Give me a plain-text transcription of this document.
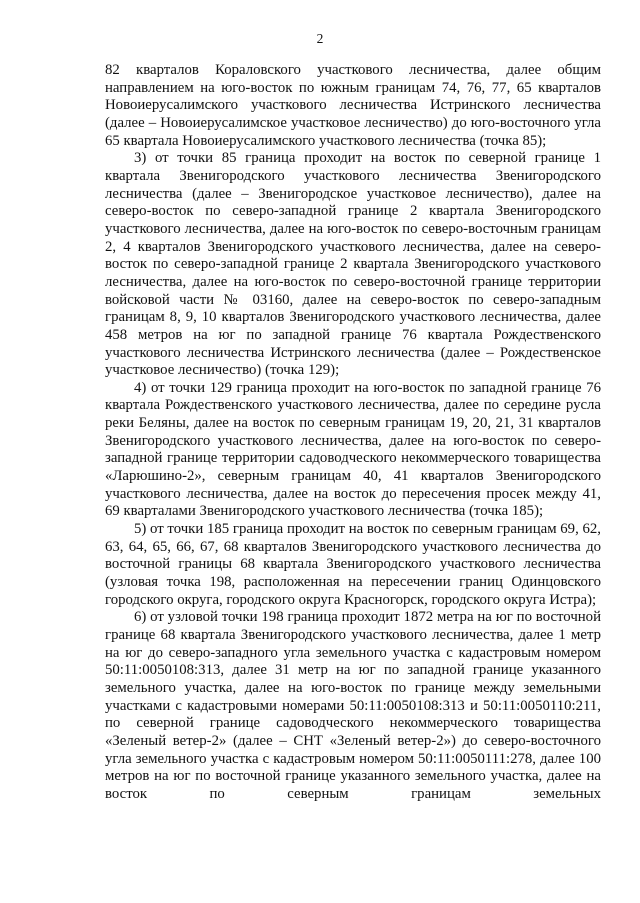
2

82 кварталов Кораловского участкового лесничества, далее общим направлением на юго-восток по южным границам 74, 76, 77, 65 кварталов Новоиерусалимского участкового лесничества Истринского лесничества (далее – Новоиерусалимское участковое лесничество) до юго-восточного угла 65 квартала Новоиерусалимского участкового лесничества (точка 85);

3) от точки 85 граница проходит на восток по северной границе 1 квартала Звенигородского участкового лесничества Звенигородского лесничества (далее – Звенигородское участковое лесничество), далее на северо-восток по северо-западной границе 2 квартала Звенигородского участкового лесничества, далее на юго-восток по северо-восточным границам 2, 4 кварталов Звенигородского участкового лесничества, далее на северо-восток по северо-западной границе 2 квартала Звенигородского участкового лесничества, далее на юго-восток по северо-восточной границе территории войсковой части № 03160, далее на северо-восток по северо-западным границам 8, 9, 10 кварталов Звенигородского участкового лесничества, далее 458 метров на юг по западной границе 76 квартала Рождественского участкового лесничества Истринского лесничества (далее – Рождественское участковое лесничество) (точка 129);

4) от точки 129 граница проходит на юго-восток по западной границе 76 квартала Рождественского участкового лесничества, далее по середине русла реки Беляны, далее на восток по северным границам 19, 20, 21, 31 кварталов Звенигородского участкового лесничества, далее на юго-восток по северо-западной границе территории садоводческого некоммерческого товарищества «Ларюшино-2», северным границам 40, 41 кварталов Звенигородского участкового лесничества, далее на восток до пересечения просек между 41, 69 кварталами Звенигородского участкового лесничества (точка 185);

5) от точки 185 граница проходит на восток по северным границам 69, 62, 63, 64, 65, 66, 67, 68 кварталов Звенигородского участкового лесничества до восточной границы 68 квартала Звенигородского участкового лесничества (узловая точка 198, расположенная на пересечении границ Одинцовского городского округа, городского округа Красногорск, городского округа Истра);

6) от узловой точки 198 граница проходит 1872 метра на юг по восточной границе 68 квартала Звенигородского участкового лесничества, далее 1 метр на юг до северо-западного угла земельного участка с кадастровым номером 50:11:0050108:313, далее 31 метр на юг по западной границе указанного земельного участка, далее на юго-восток по границе между земельными участками с кадастровыми номерами 50:11:0050108:313 и 50:11:0050110:211, по северной границе садоводческого некоммерческого товарищества «Зеленый ветер-2» (далее – СНТ «Зеленый ветер-2») до северо-восточного угла земельного участка с кадастровым номером 50:11:0050111:278, далее 100 метров на юг по восточной границе указанного земельного участка, далее на восток по северным границам земельных
